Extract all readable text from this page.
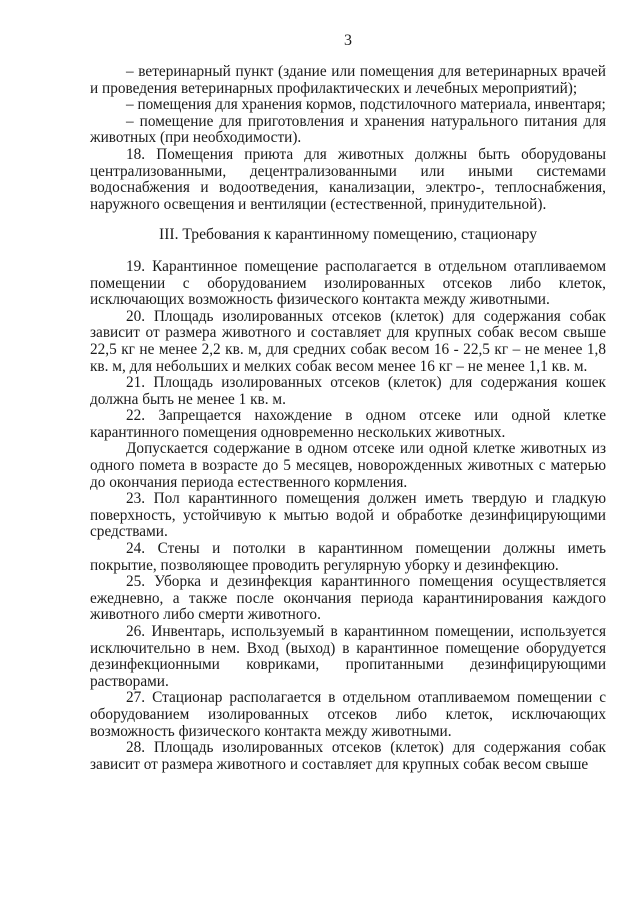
3

– ветеринарный пункт (здание или помещения для ветеринарных врачей и проведения ветеринарных профилактических и лечебных мероприятий);

– помещения для хранения кормов, подстилочного материала, инвентаря;

– помещение для приготовления и хранения натурального питания для животных (при необходимости).

18. Помещения приюта для животных должны быть оборудованы централизованными, децентрализованными или иными системами водоснабжения и водоотведения, канализации, электро-, теплоснабжения, наружного освещения и вентиляции (естественной, принудительной).

III. Требования к карантинному помещению, стационару

19. Карантинное помещение располагается в отдельном отапливаемом помещении с оборудованием изолированных отсеков либо клеток, исключающих возможность физического контакта между животными.

20. Площадь изолированных отсеков (клеток) для содержания собак зависит от размера животного и составляет для крупных собак весом свыше 22,5 кг не менее 2,2 кв. м, для средних собак весом 16 - 22,5 кг – не менее 1,8 кв. м, для небольших и мелких собак весом менее 16 кг – не менее 1,1 кв. м.

21. Площадь изолированных отсеков (клеток) для содержания кошек должна быть не менее 1 кв. м.

22. Запрещается нахождение в одном отсеке или одной клетке карантинного помещения одновременно нескольких животных.

Допускается содержание в одном отсеке или одной клетке животных из одного помета в возрасте до 5 месяцев, новорожденных животных с матерью до окончания периода естественного кормления.

23. Пол карантинного помещения должен иметь твердую и гладкую поверхность, устойчивую к мытью водой и обработке дезинфицирующими средствами.

24. Стены и потолки в карантинном помещении должны иметь покрытие, позволяющее проводить регулярную уборку и дезинфекцию.

25. Уборка и дезинфекция карантинного помещения осуществляется ежедневно, а также после окончания периода карантинирования каждого животного либо смерти животного.

26. Инвентарь, используемый в карантинном помещении, используется исключительно в нем. Вход (выход) в карантинное помещение оборудуется дезинфекционными ковриками, пропитанными дезинфицирующими растворами.

27. Стационар располагается в отдельном отапливаемом помещении с оборудованием изолированных отсеков либо клеток, исключающих возможность физического контакта между животными.

28. Площадь изолированных отсеков (клеток) для содержания собак зависит от размера животного и составляет для крупных собак весом свыше
